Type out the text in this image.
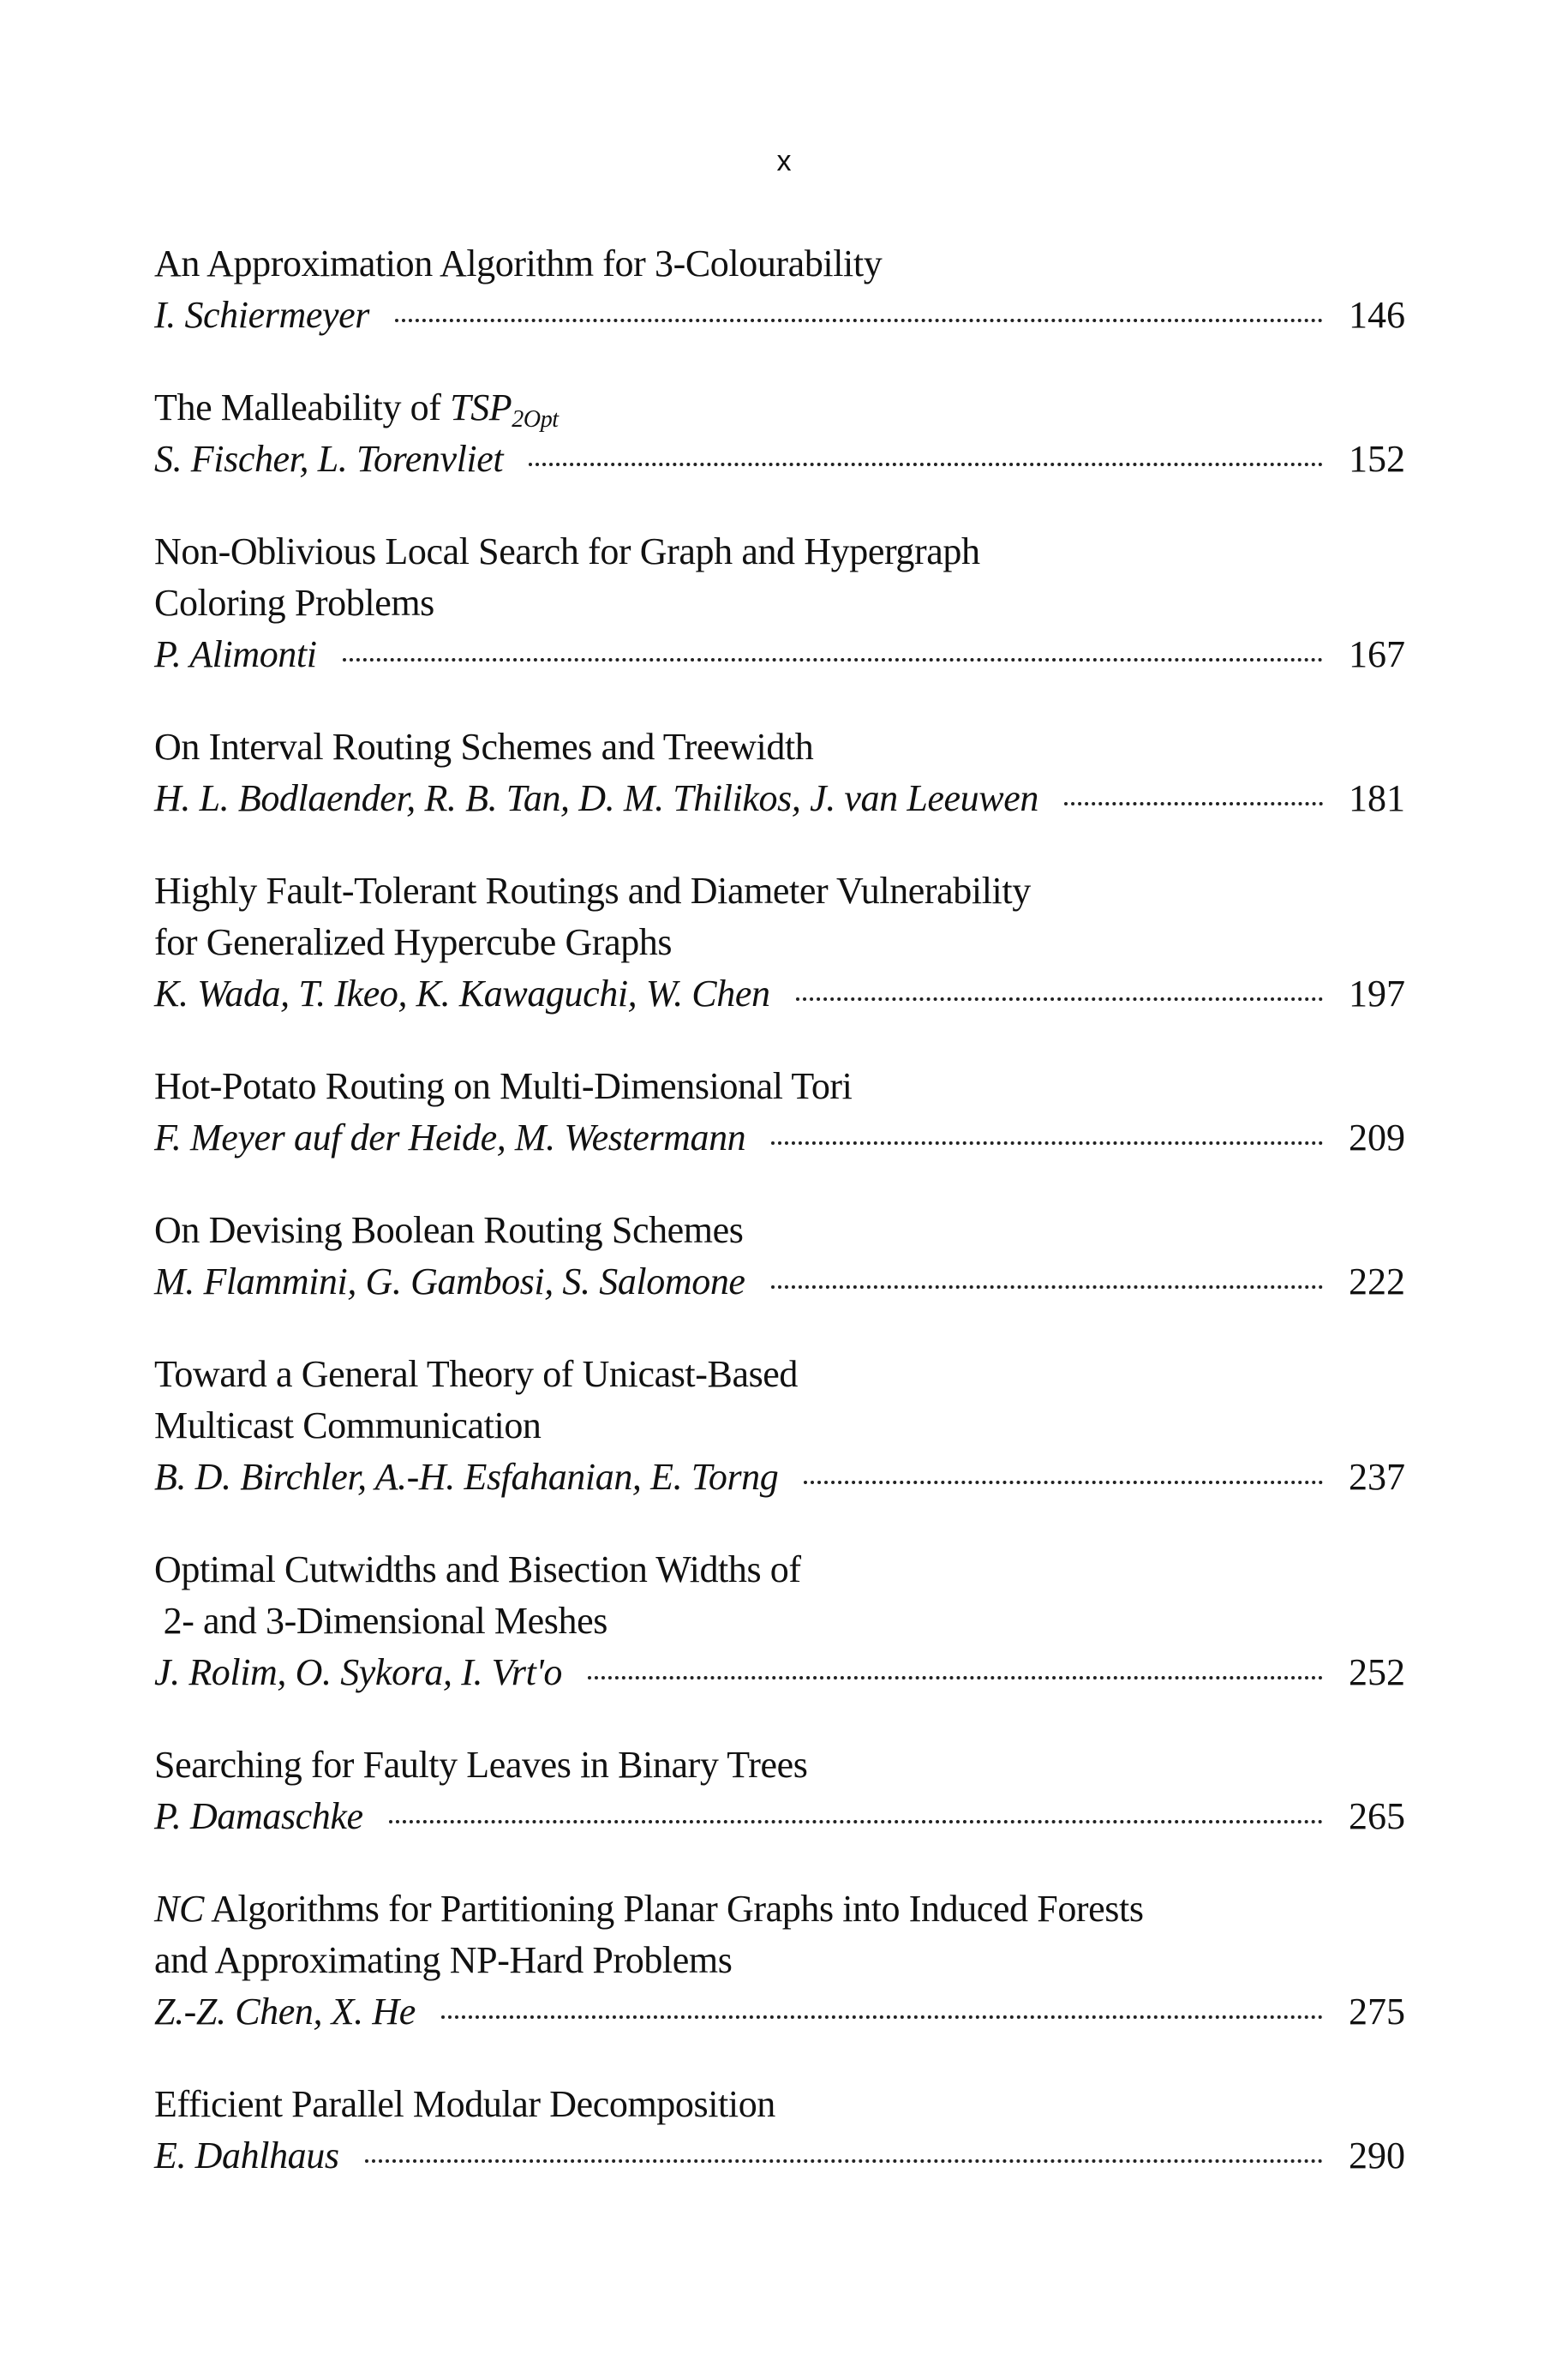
x
An Approximation Algorithm for 3-Colourability
I. Schiermeyer	146
The Malleability of $TSP_{2Opt}$
S. Fischer, L. Torenvliet	152
Non-Oblivious Local Search for Graph and Hypergraph
Coloring Problems
P. Alimonti	167
On Interval Routing Schemes and Treewidth
H. L. Bodlaender, R. B. Tan, D. M. Thilikos, J. van Leeuwen	181
Highly Fault-Tolerant Routings and Diameter Vulnerability
for Generalized Hypercube Graphs
K. Wada, T. Ikeo, K. Kawaguchi, W. Chen	197
Hot-Potato Routing on Multi-Dimensional Tori
F. Meyer auf der Heide, M. Westermann	209
On Devising Boolean Routing Schemes
M. Flammini, G. Gambosi, S. Salomone	222
Toward a General Theory of Unicast-Based
Multicast Communication
B. D. Birchler, A.-H. Esfahanian, E. Torng	237
Optimal Cutwidths and Bisection Widths of
2- and 3-Dimensional Meshes
J. Rolim, O. Sykora, I. Vrt'o	252
Searching for Faulty Leaves in Binary Trees
P. Damaschke	265
NC Algorithms for Partitioning Planar Graphs into Induced Forests
and Approximating NP-Hard Problems
Z.-Z. Chen, X. He	275
Efficient Parallel Modular Decomposition
E. Dahlhaus	290
